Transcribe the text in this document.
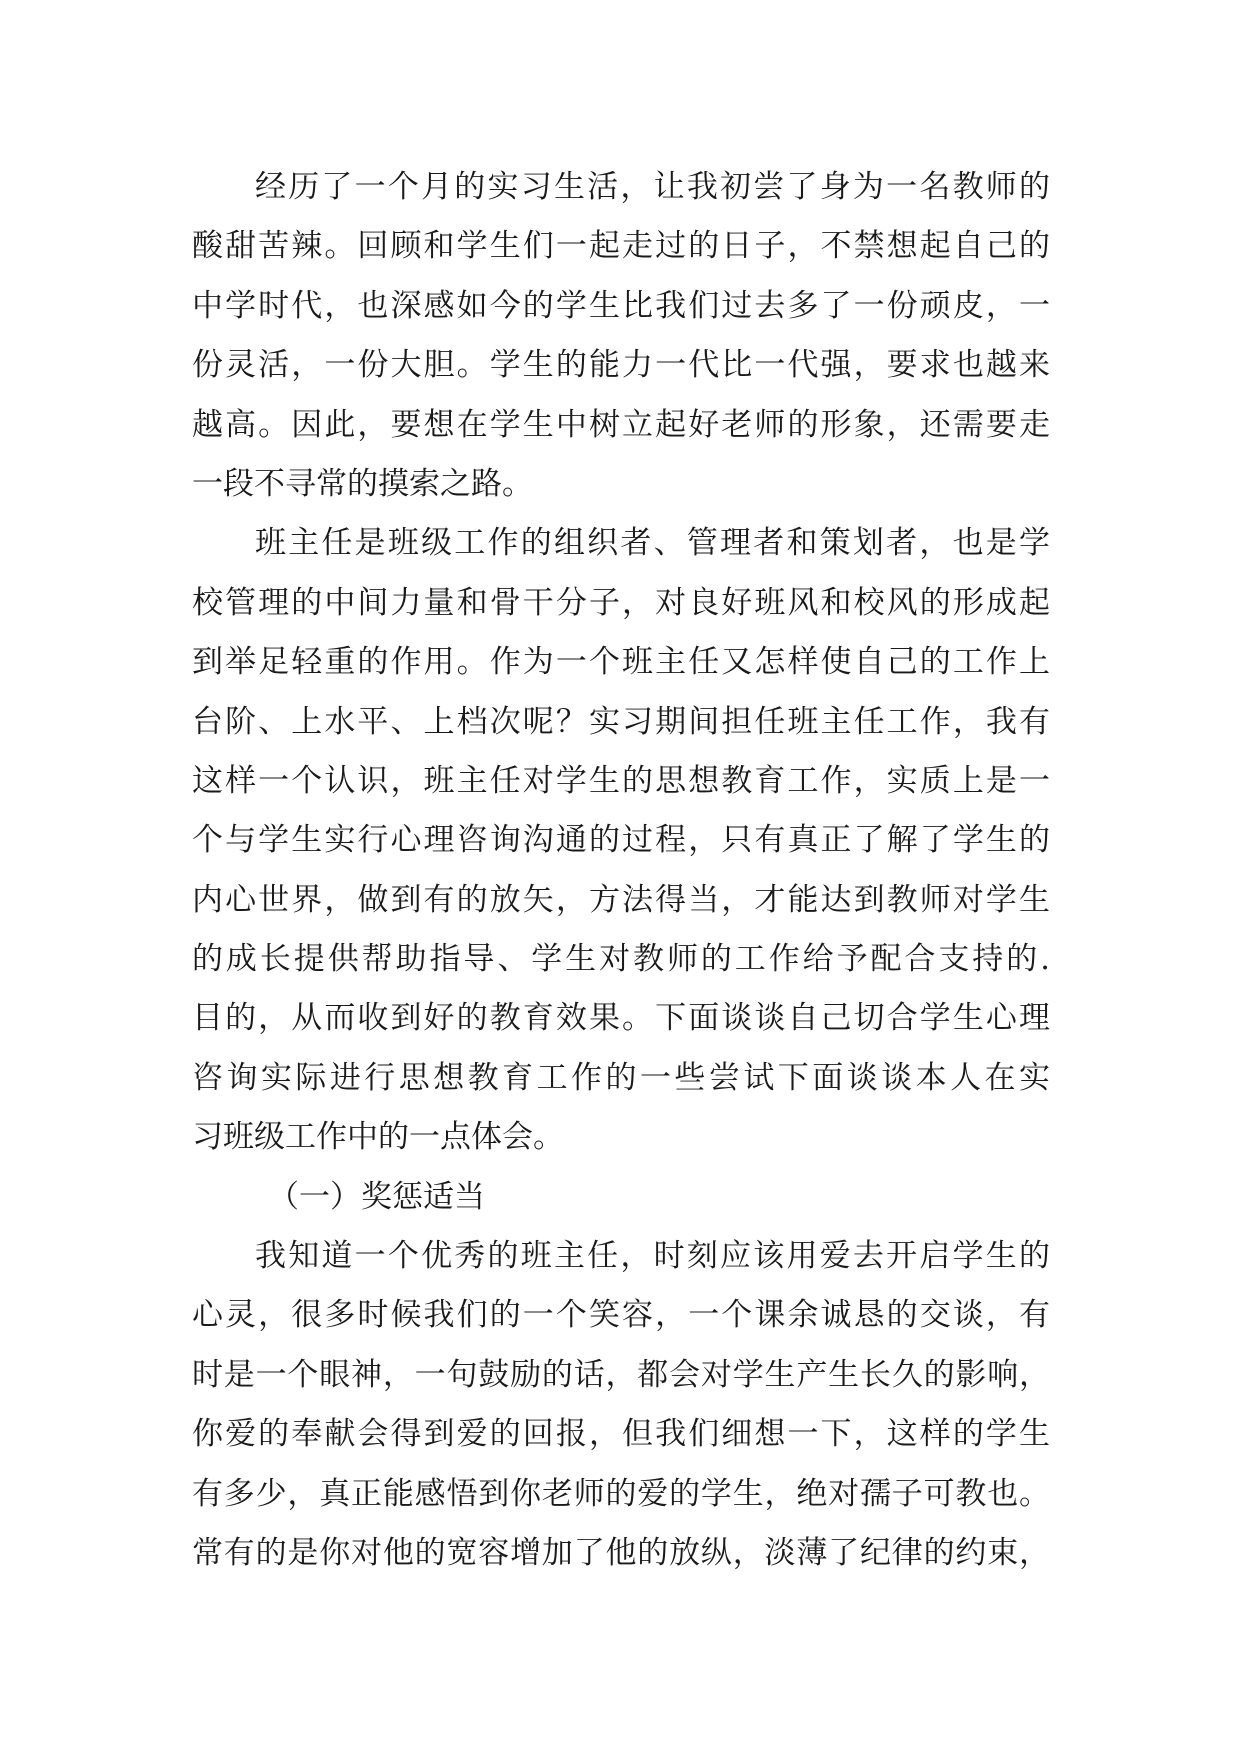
经历了一个月的实习生活，让我初尝了身为一名教师的
酸甜苦辣。回顾和学生们一起走过的日子，不禁想起自己的
中学时代，也深感如今的学生比我们过去多了一份顽皮，一
份灵活，一份大胆。学生的能力一代比一代强，要求也越来
越高。因此，要想在学生中树立起好老师的形象，还需要走
一段不寻常的摸索之路。
班主任是班级工作的组织者、管理者和策划者，也是学
校管理的中间力量和骨干分子，对良好班风和校风的形成起
到举足轻重的作用。作为一个班主任又怎样使自己的工作上
台阶、上水平、上档次呢？实习期间担任班主任工作，我有
这样一个认识，班主任对学生的思想教育工作，实质上是一
个与学生实行心理咨询沟通的过程，只有真正了解了学生的
内心世界，做到有的放矢，方法得当，才能达到教师对学生
的成长提供帮助指导、学生对教师的工作给予配合支持的.
目的，从而收到好的教育效果。下面谈谈自己切合学生心理
咨询实际进行思想教育工作的一些尝试下面谈谈本人在实
习班级工作中的一点体会。
（一）奖惩适当
我知道一个优秀的班主任，时刻应该用爱去开启学生的
心灵，很多时候我们的一个笑容，一个课余诚恳的交谈，有
时是一个眼神，一句鼓励的话，都会对学生产生长久的影响，
你爱的奉献会得到爱的回报，但我们细想一下，这样的学生
有多少，真正能感悟到你老师的爱的学生，绝对孺子可教也。
常有的是你对他的宽容增加了他的放纵，淡薄了纪律的约束，
